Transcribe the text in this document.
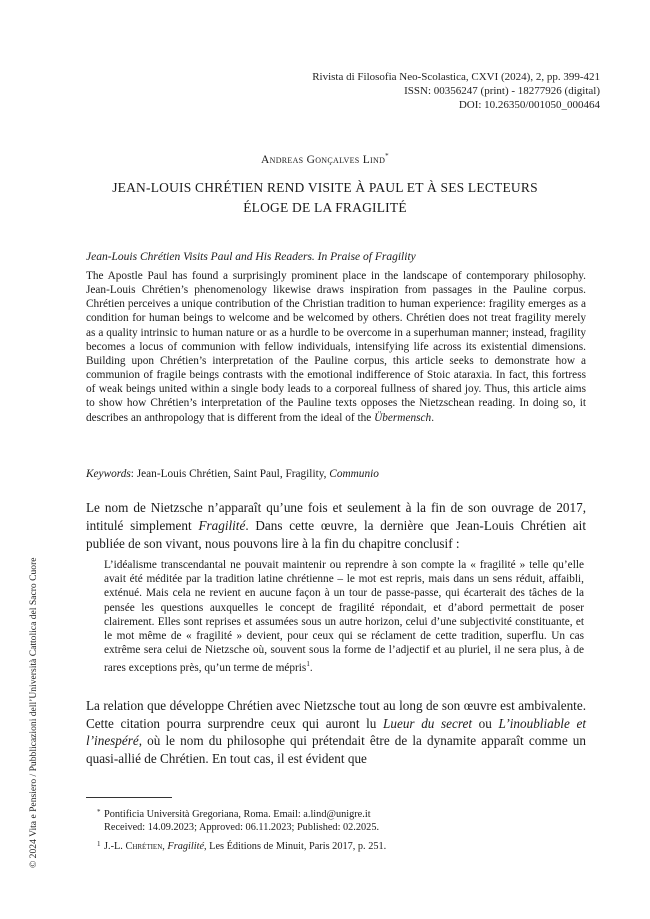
Rivista di Filosofia Neo-Scolastica, CXVI (2024), 2, pp. 399-421
ISSN: 00356247 (print) - 18277926 (digital)
DOI: 10.26350/001050_000464
Andreas Gonçalves Lind*
JEAN-LOUIS CHRÉTIEN REND VISITE À PAUL ET À SES LECTEURS
ÉLOGE DE LA FRAGILITÉ
Jean-Louis Chrétien Visits Paul and His Readers. In Praise of Fragility
The Apostle Paul has found a surprisingly prominent place in the landscape of contemporary philosophy. Jean-Louis Chrétien’s phenomenology likewise draws inspiration from passages in the Pauline corpus. Chrétien perceives a unique contribution of the Christian tradition to human experience: fragility emerges as a condition for human beings to welcome and be welcomed by others. Chrétien does not treat fragility merely as a quality intrinsic to human nature or as a hurdle to be overcome in a superhuman manner; instead, fragility becomes a locus of communion with fellow individuals, intensifying life across its existential dimensions. Building upon Chrétien’s interpretation of the Pauline corpus, this article seeks to demonstrate how a communion of fragile beings contrasts with the emotional indifference of Stoic ataraxia. In fact, this fortress of weak beings united within a single body leads to a corporeal fullness of shared joy. Thus, this article aims to show how Chrétien’s interpretation of the Pauline texts opposes the Nietzschean reading. In doing so, it describes an anthropology that is different from the ideal of the Übermensch.
Keywords: Jean-Louis Chrétien, Saint Paul, Fragility, Communio
Le nom de Nietzsche n’apparaît qu’une fois et seulement à la fin de son ouvrage de 2017, intitulé simplement Fragilité. Dans cette œuvre, la dernière que Jean-Louis Chrétien ait publiée de son vivant, nous pouvons lire à la fin du chapitre conclusif :
L’idéalisme transcendantal ne pouvait maintenir ou reprendre à son compte la « fragilité » telle qu’elle avait été méditée par la tradition latine chrétienne – le mot est repris, mais dans un sens réduit, affaibli, exténué. Mais cela ne revient en aucune façon à un tour de passe-passe, qui écarterait des tâches de la pensée les questions auxquelles le concept de fragilité répondait, et d’abord permettait de poser clairement. Elles sont reprises et assumées sous un autre horizon, celui d’une subjectivité constituante, et le mot même de « fragilité » devient, pour ceux qui se réclament de cette tradition, superflu. Un cas extrême sera celui de Nietzsche où, souvent sous la forme de l’adjectif et au pluriel, il ne sera plus, à de rares exceptions près, qu’un terme de mépris$^1$.
La relation que développe Chrétien avec Nietzsche tout au long de son œuvre est ambivalente. Cette citation pourra surprendre ceux qui auront lu Lueur du secret ou L’inoubliable et l’inespéré, où le nom du philosophe qui prétendait être de la dynamite apparaît comme un quasi-allié de Chrétien. En tout cas, il est évident que
* Pontificia Università Gregoriana, Roma. Email: a.lind@unigre.it
Received: 14.09.2023; Approved: 06.11.2023; Published: 02.2025.
1 J.-L. Chrétien, Fragilité, Les Éditions de Minuit, Paris 2017, p. 251.
© 2024 Vita e Pensiero / Pubblicazioni dell’Università Cattolica del Sacro Cuore
